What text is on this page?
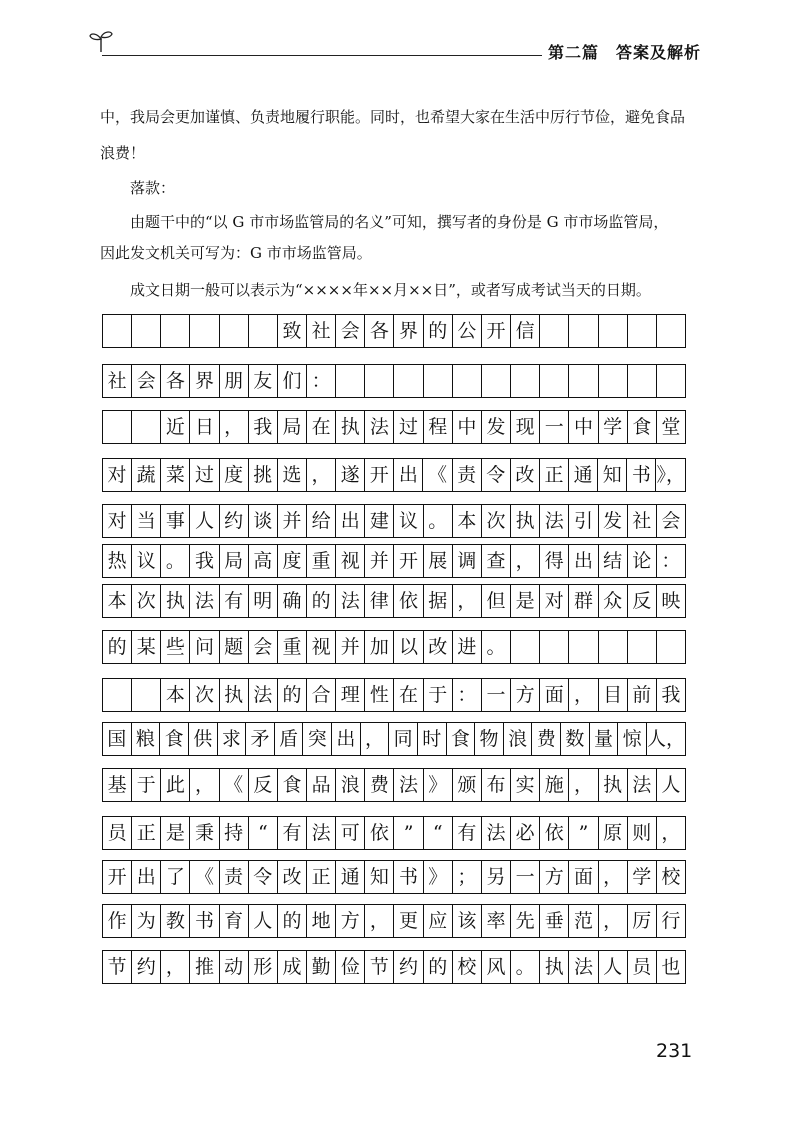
第二篇　答案及解析
中，我局会更加谨慎、负责地履行职能。同时，也希望大家在生活中厉行节俭，避免食品
浪费！
落款：
由题干中的“以 G 市市场监管局的名义”可知，撰写者的身份是 G 市市场监管局，
因此发文机关可写为：G 市市场监管局。
成文日期一般可以表示为“××××年××月××日”，或者写成考试当天的日期。
致 社 会 各 界 的 公 开 信
社 会 各 界 朋 友 们 ：
近 日 ， 我 局 在 执 法 过 程 中 发 现 一 中 学 食 堂
对 蔬 菜 过 度 挑 选 ， 遂 开 出 《 责 令 改 正 通 知 书 》，
对 当 事 人 约 谈 并 给 出 建 议 。 本 次 执 法 引 发 社 会
热 议 。 我 局 高 度 重 视 并 开 展 调 查 ， 得 出 结 论 ：
本 次 执 法 有 明 确 的 法 律 依 据 ， 但 是 对 群 众 反 映
的 某 些 问 题 会 重 视 并 加 以 改 进 。
本 次 执 法 的 合 理 性 在 于 ： 一 方 面 ， 目 前 我
国 粮 食 供 求 矛 盾 突 出 ， 同 时 食 物 浪 费 数 量 惊 人，
基 于 此 ， 《 反 食 品 浪 费 法 》 颁 布 实 施 ， 执 法 人
员 正 是 秉 持 “ 有 法 可 依 ”	“ 有 法 必 依 ” 原 则 ，
开 出 了 《 责 令 改 正 通 知 书 》 ； 另 一 方 面 ， 学 校
作 为 教 书 育 人 的 地 方 ， 更 应 该 率 先 垂 范 ， 厉 行
节 约 ， 推 动 形 成 勤 俭 节 约 的 校 风 。 执 法 人 员 也
231
